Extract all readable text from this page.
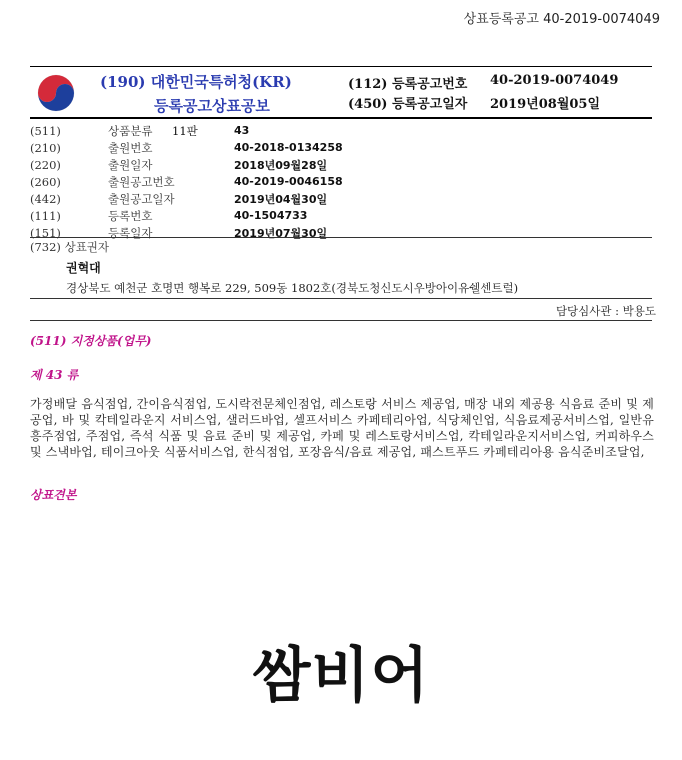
상표등록공고 40-2019-0074049
(190) 대한민국특허청(KR)
등록공고상표공보
(112) 등록공고번호	40-2019-0074049
(450) 등록공고일자	2019년08월05일
(511)	상품분류	11판	43
(210)	출원번호	40-2018-0134258
(220)	출원일자	2018년09월28일
(260)	출원공고번호	40-2019-0046158
(442)	출원공고일자	2019년04월30일
(111)	등록번호	40-1504733
(151)	등록일자	2019년07월30일
(732) 상표권자
권혁대
경상북도 예천군 호명면 행복로 229, 509동 1802호(경북도청신도시우방아이유쉘센트럴)
담당심사관 : 박용도
(511) 지정상품(업무)
제 43 류
가정배달 음식점업, 간이음식점업, 도시락전문체인점업, 레스토랑 서비스 제공업, 매장 내외 제공용 식음료 준비 및 제공업, 바 및 칵테일라운지 서비스업, 샐러드바업, 셀프서비스 카페테리아업, 식당체인업, 식음료제공서비스업, 일반유흥주점업, 주점업, 즉석 식품 및 음료 준비 및 제공업, 카페 및 레스토랑서비스업, 칵테일라운지서비스업, 커피하우스 및 스낵바업, 테이크아웃 식품서비스업, 한식점업, 포장음식/음료 제공업, 패스트푸드 카페테리아용 음식준비조달업,
상표견본
쌈비어
